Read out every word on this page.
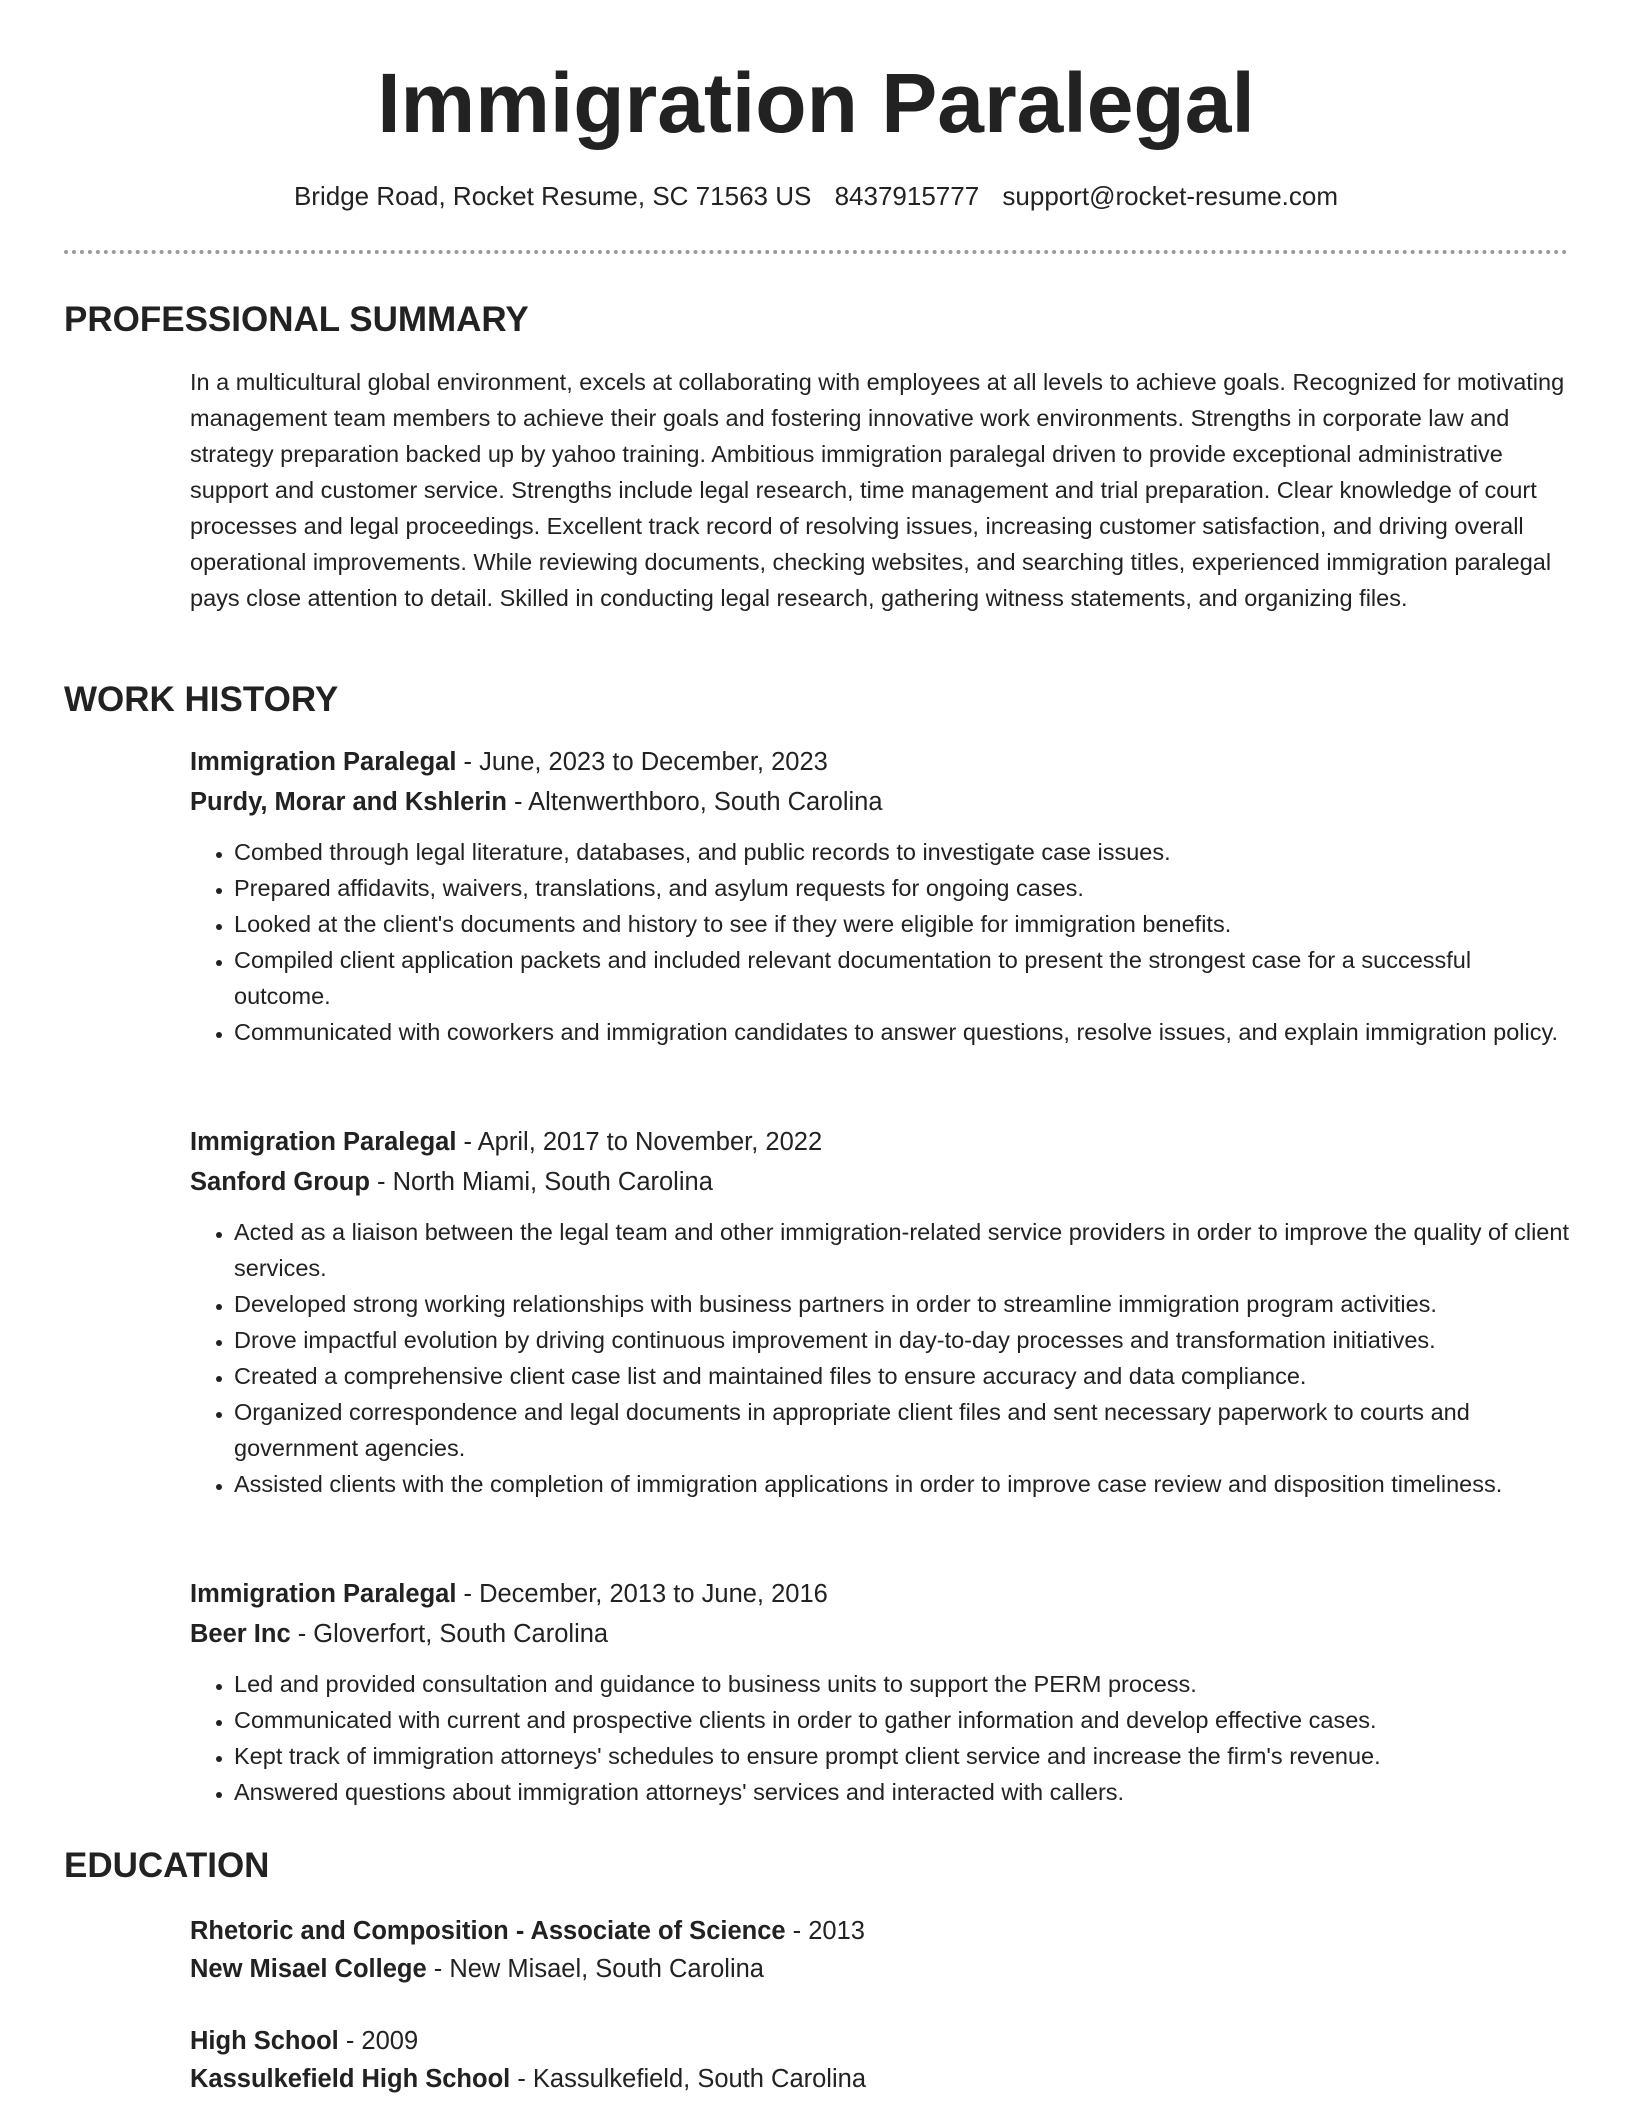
Immigration Paralegal
Bridge Road, Rocket Resume, SC 71563 US 8437915777 support@rocket-resume.com
PROFESSIONAL SUMMARY

In a multicultural global environment, excels at collaborating with employees at all levels to achieve goals. Recognized for motivating management team members to achieve their goals and fostering innovative work environments. Strengths in corporate law and strategy preparation backed up by yahoo training. Ambitious immigration paralegal driven to provide exceptional administrative support and customer service. Strengths include legal research, time management and trial preparation. Clear knowledge of court processes and legal proceedings. Excellent track record of resolving issues, increasing customer satisfaction, and driving overall operational improvements. While reviewing documents, checking websites, and searching titles, experienced immigration paralegal pays close attention to detail. Skilled in conducting legal research, gathering witness statements, and organizing files.

WORK HISTORY
Immigration Paralegal - June, 2023 to December, 2023
Purdy, Morar and Kshlerin - Altenwerthboro, South Carolina
• Combed through legal literature, databases, and public records to investigate case issues.
• Prepared affidavits, waivers, translations, and asylum requests for ongoing cases.
• Looked at the client's documents and history to see if they were eligible for immigration benefits.
• Compiled client application packets and included relevant documentation to present the strongest case for a successful outcome.
• Communicated with coworkers and immigration candidates to answer questions, resolve issues, and explain immigration policy.
Immigration Paralegal - April, 2017 to November, 2022
Sanford Group - North Miami, South Carolina
• Acted as a liaison between the legal team and other immigration-related service providers in order to improve the quality of client services.
• Developed strong working relationships with business partners in order to streamline immigration program activities.
• Drove impactful evolution by driving continuous improvement in day-to-day processes and transformation initiatives.
• Created a comprehensive client case list and maintained files to ensure accuracy and data compliance.
• Organized correspondence and legal documents in appropriate client files and sent necessary paperwork to courts and government agencies.
• Assisted clients with the completion of immigration applications in order to improve case review and disposition timeliness.
Immigration Paralegal - December, 2013 to June, 2016
Beer Inc - Gloverfort, South Carolina
• Led and provided consultation and guidance to business units to support the PERM process.
• Communicated with current and prospective clients in order to gather information and develop effective cases.
• Kept track of immigration attorneys' schedules to ensure prompt client service and increase the firm's revenue.
• Answered questions about immigration attorneys' services and interacted with callers.
EDUCATION
Rhetoric and Composition - Associate of Science - 2013
New Misael College - New Misael, South Carolina
High School - 2009
Kassulkefield High School - Kassulkefield, South Carolina
